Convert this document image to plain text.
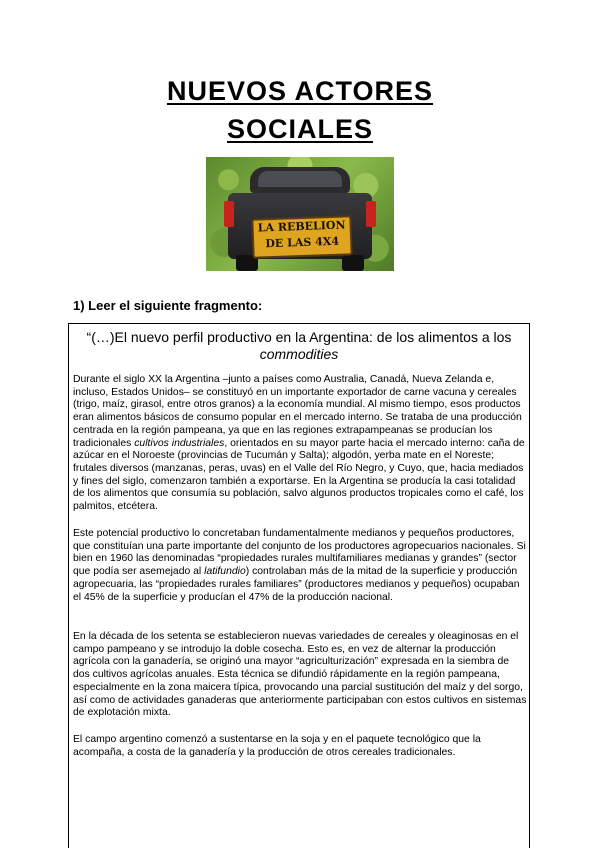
NUEVOS ACTORES
SOCIALES
LA REBELION
DE LAS 4X4
1) Leer el siguiente fragmento:
“(…)El nuevo perfil productivo en la Argentina: de los alimentos a los commodities

Durante el siglo XX la Argentina –junto a países como Australia, Canadá, Nueva Zelanda e, incluso, Estados Unidos– se constituyó en un importante exportador de carne vacuna y cereales (trigo, maíz, girasol, entre otros granos) a la economía mundial. Al mismo tiempo, esos productos eran alimentos básicos de consumo popular en el mercado interno. Se trataba de una producción centrada en la región pampeana, ya que en las regiones extrapampeanas se producían los tradicionales cultivos industriales, orientados en su mayor parte hacia el mercado interno: caña de azúcar en el Noroeste (provincias de Tucumán y Salta); algodón, yerba mate en el Noreste; frutales diversos (manzanas, peras, uvas) en el Valle del Río Negro, y Cuyo, que, hacia mediados y fines del siglo, comenzaron también a exportarse. En la Argentina se producía la casi totalidad de los alimentos que consumía su población, salvo algunos productos tropicales como el café, los palmitos, etcétera.

Este potencial productivo lo concretaban fundamentalmente medianos y pequeños productores, que constituían una parte importante del conjunto de los productores agropecuarios nacionales. Si bien en 1960 las denominadas “propiedades rurales multifamiliares medianas y grandes” (sector que podía ser asemejado al latifundio) controlaban más de la mitad de la superficie y producción agropecuaria, las “propiedades rurales familiares” (productores medianos y pequeños) ocupaban el 45% de la superficie y producían el 47% de la producción nacional.

En la década de los setenta se establecieron nuevas variedades de cereales y oleaginosas en el campo pampeano y se introdujo la doble cosecha. Esto es, en vez de alternar la producción agrícola con la ganadería, se originó una mayor “agriculturización” expresada en la siembra de dos cultivos agrícolas anuales. Esta técnica se difundió rápidamente en la región pampeana, especialmente en la zona maicera típica, provocando una parcial sustitución del maíz y del sorgo, así como de actividades ganaderas que anteriormente participaban con estos cultivos en sistemas de explotación mixta.

El campo argentino comenzó a sustentarse en la soja y en el paquete tecnológico que la acompaña, a costa de la ganadería y la producción de otros cereales tradicionales.
